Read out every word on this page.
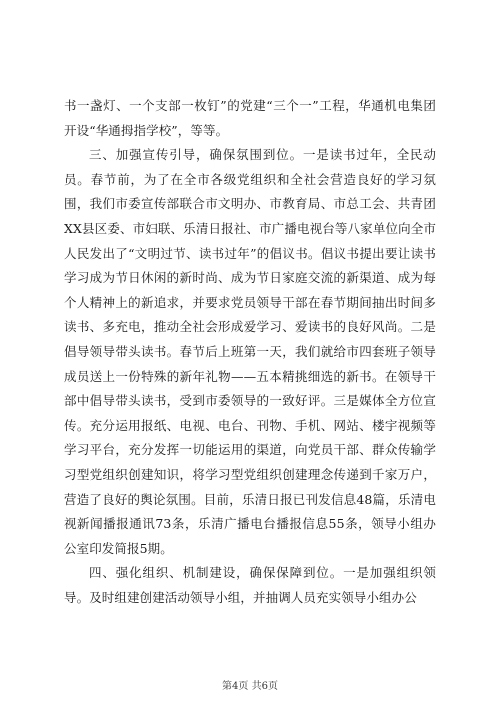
书一盏灯、一个支部一枚钉”的党建“三个一”工程，华通机电集团开设“华通拇指学校”，等等。

三、加强宣传引导，确保氛围到位。一是读书过年，全民动员。春节前，为了在全市各级党组织和全社会营造良好的学习氛围，我们市委宣传部联合市文明办、市教育局、市总工会、共青团XX县区委、市妇联、乐清日报社、市广播电视台等八家单位向全市人民发出了“文明过节、读书过年”的倡议书。倡议书提出要让读书学习成为节日休闲的新时尚、成为节日家庭交流的新渠道、成为每个人精神上的新追求，并要求党员领导干部在春节期间抽出时间多读书、多充电，推动全社会形成爱学习、爱读书的良好风尚。二是倡导领导带头读书。春节后上班第一天，我们就给市四套班子领导成员送上一份特殊的新年礼物——五本精挑细选的新书。在领导干部中倡导带头读书，受到市委领导的一致好评。三是媒体全方位宣传。充分运用报纸、电视、电台、刊物、手机、网站、楼宇视频等学习平台，充分发挥一切能运用的渠道，向党员干部、群众传输学习型党组织创建知识，将学习型党组织创建理念传递到千家万户，营造了良好的舆论氛围。目前，乐清日报已刊发信息48篇，乐清电视新闻播报通讯73条，乐清广播电台播报信息55条，领导小组办公室印发简报5期。

四、强化组织、机制建设，确保保障到位。一是加强组织领导。及时组建创建活动领导小组，并抽调人员充实领导小组办公

第4页 共6页
